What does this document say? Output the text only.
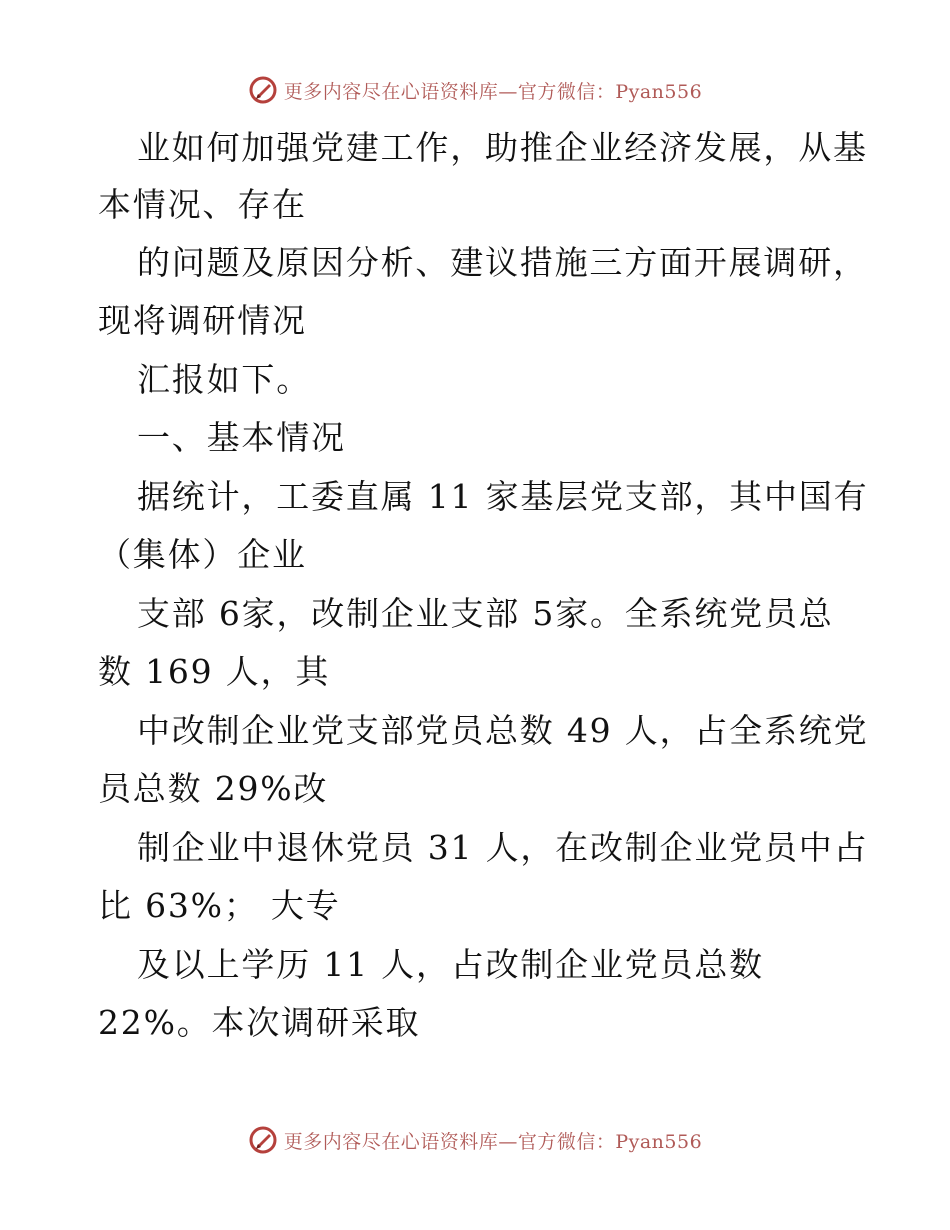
更多内容尽在心语资料库—官方微信：Pyan556
业如何加强党建工作，助推企业经济发展，从基
本情况、存在
的问题及原因分析、建议措施三方面开展调研，
现将调研情况
汇报如下。
一、基本情况
据统计，工委直属 11 家基层党支部，其中国有
（集体）企业
支部 6家，改制企业支部 5家。全系统党员总
数 169 人，其
中改制企业党支部党员总数 49 人，占全系统党
员总数 29%改
制企业中退休党员 31 人，在改制企业党员中占
比 63%； 大专
及以上学历 11 人，占改制企业党员总数
22%。本次调研采取
更多内容尽在心语资料库—官方微信：Pyan556
